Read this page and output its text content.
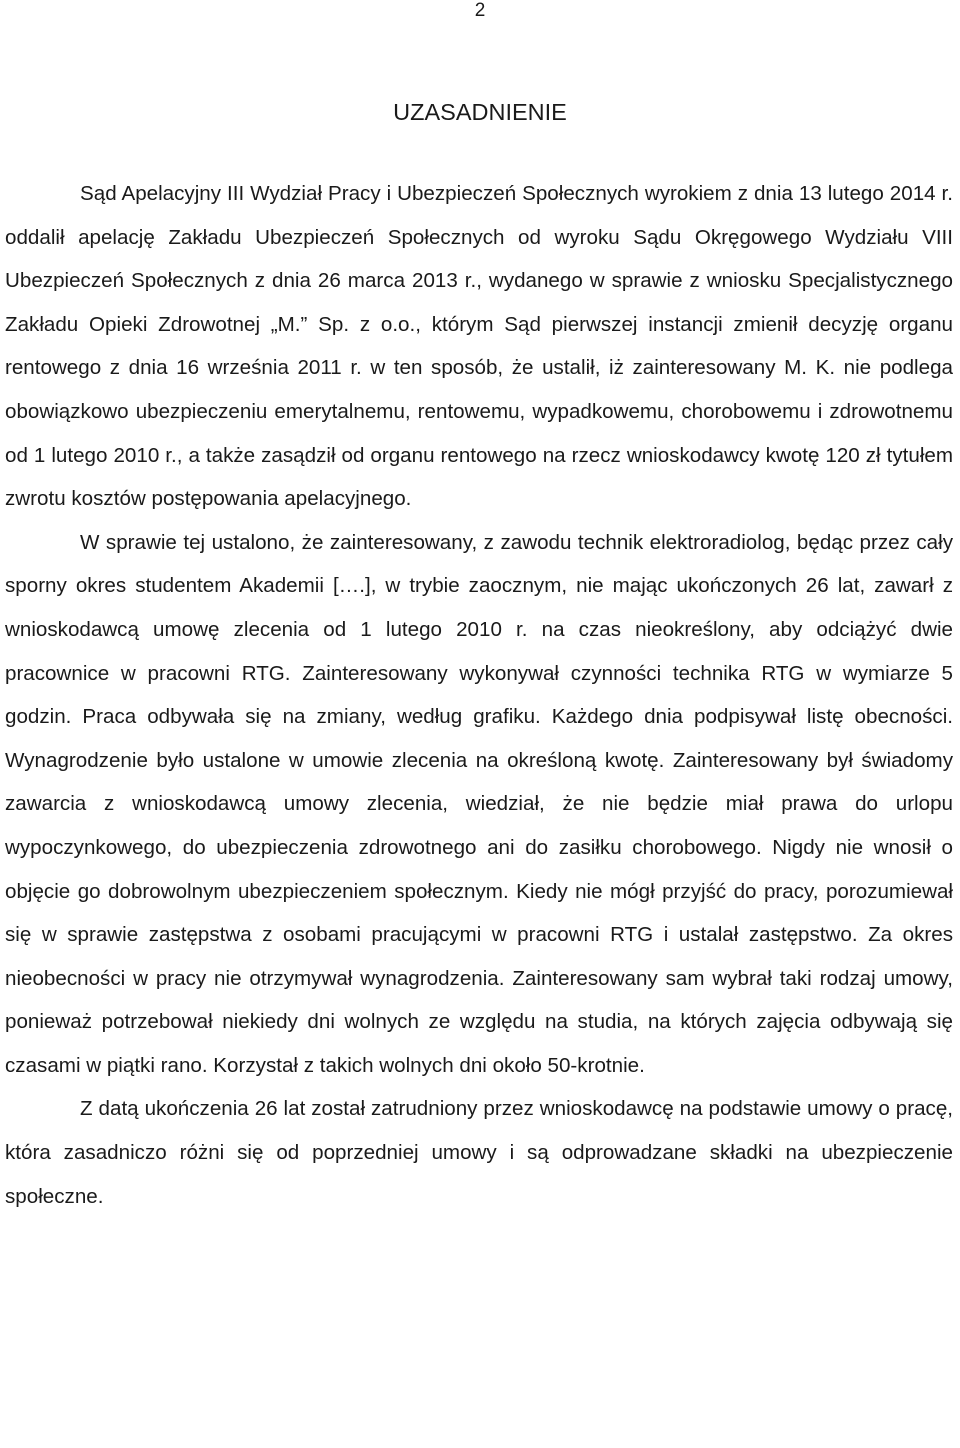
2
UZASADNIENIE

Sąd Apelacyjny III Wydział Pracy i Ubezpieczeń Społecznych wyrokiem z dnia 13 lutego 2014 r. oddalił apelację Zakładu Ubezpieczeń Społecznych od wyroku Sądu Okręgowego Wydziału VIII Ubezpieczeń Społecznych z dnia 26 marca 2013 r., wydanego w sprawie z wniosku Specjalistycznego Zakładu Opieki Zdrowotnej „M.” Sp. z o.o., którym Sąd pierwszej instancji zmienił decyzję organu rentowego z dnia 16 września 2011 r. w ten sposób, że ustalił, iż zainteresowany M. K. nie podlega obowiązkowo ubezpieczeniu emerytalnemu, rentowemu, wypadkowemu, chorobowemu i zdrowotnemu od 1 lutego 2010 r., a także zasądził od organu rentowego na rzecz wnioskodawcy kwotę 120 zł tytułem zwrotu kosztów postępowania apelacyjnego.

W sprawie tej ustalono, że zainteresowany, z zawodu technik elektroradiolog, będąc przez cały sporny okres studentem Akademii [….], w trybie zaocznym, nie mając ukończonych 26 lat, zawarł z wnioskodawcą umowę zlecenia od 1 lutego 2010 r. na czas nieokreślony, aby odciążyć dwie pracownice w pracowni RTG. Zainteresowany wykonywał czynności technika RTG w wymiarze 5 godzin. Praca odbywała się na zmiany, według grafiku. Każdego dnia podpisywał listę obecności. Wynagrodzenie było ustalone w umowie zlecenia na określoną kwotę. Zainteresowany był świadomy zawarcia z wnioskodawcą umowy zlecenia, wiedział, że nie będzie miał prawa do urlopu wypoczynkowego, do ubezpieczenia zdrowotnego ani do zasiłku chorobowego. Nigdy nie wnosił o objęcie go dobrowolnym ubezpieczeniem społecznym. Kiedy nie mógł przyjść do pracy, porozumiewał się w sprawie zastępstwa z osobami pracującymi w pracowni RTG i ustalał zastępstwo. Za okres nieobecności w pracy nie otrzymywał wynagrodzenia. Zainteresowany sam wybrał taki rodzaj umowy, ponieważ potrzebował niekiedy dni wolnych ze względu na studia, na których zajęcia odbywają się czasami w piątki rano. Korzystał z takich wolnych dni około 50-krotnie.

Z datą ukończenia 26 lat został zatrudniony przez wnioskodawcę na podstawie umowy o pracę, która zasadniczo różni się od poprzedniej umowy i są odprowadzane składki na ubezpieczenie społeczne.
